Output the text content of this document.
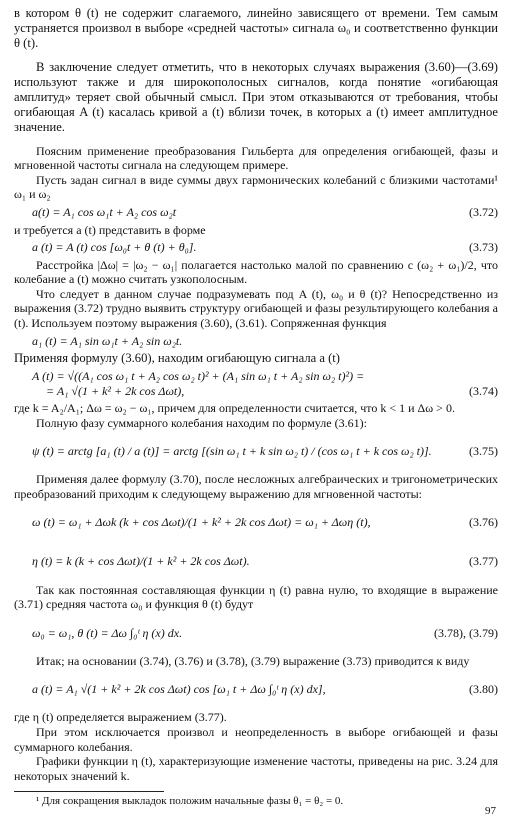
в котором θ (t) не содержит слагаемого, линейно зависящего от времени. Тем самым устраняется произвол в выборе «средней частоты» сигнала ω₀ и соответственно функции θ (t).

В заключение следует отметить, что в некоторых случаях выражения (3.60)—(3.69) используют также и для широкополосных сигналов, когда понятие «огибающая амплитуд» теряет свой обычный смысл. При этом отказываются от требования, чтобы огибающая A (t) касалась кривой a (t) вблизи точек, в которых a (t) имеет амплитудное значение.

Поясним применение преобразования Гильберта для определения огибающей, фазы и мгновенной частоты сигнала на следующем примере.

Пусть задан сигнал в виде суммы двух гармонических колебаний с близкими частотами¹ ω₁ и ω₂

a(t) = A₁ cos ω₁t + A₂ cos ω₂t	(3.72)

и требуется a (t) представить в форме

a (t) = A (t) cos [ω₀t + θ (t) + θ₀].	(3.73)

Расстройка |Δω| = |ω₂ − ω₁| полагается настолько малой по сравнению с (ω₂ + ω₁)/2, что колебание a (t) можно считать узкополосным.

Что следует в данном случае подразумевать под A (t), ω₀ и θ (t)? Непосредственно из выражения (3.72) трудно выявить структуру огибающей и фазы результирующего колебания a (t). Используем поэтому выражения (3.60), (3.61). Сопряженная функция

a₁ (t) = A₁ sin ω₁t + A₂ sin ω₂t.

Применяя формулу (3.60), находим огибающую сигнала a (t)

A (t) = √((A₁ cos ω₁ t + A₂ cos ω₂ t)² + (A₁ sin ω₁ t + A₂ sin ω₂ t)²) =
= A₁ √(1 + k² + 2k cos Δωt),	(3.74)

где k = A₂/A₁; Δω = ω₂ − ω₁, причем для определенности считается, что k < 1 и Δω > 0.

Полную фазу суммарного колебания находим по формуле (3.61):

ψ (t) = arctg [a₁ (t) / a (t)] = arctg [(sin ω₁ t + k sin ω₂ t) / (cos ω₁ t + k cos ω₂ t)].	(3.75)

Применяя далее формулу (3.70), после несложных алгебраических и тригонометрических преобразований приходим к следующему выражению для мгновенной частоты:

ω (t) = ω₁ + Δωk (k + cos Δωt)/(1 + k² + 2k cos Δωt) = ω₁ + Δωη (t),	(3.76)
η (t) = k (k + cos Δωt)/(1 + k² + 2k cos Δωt).	(3.77)

Так как постоянная составляющая функции η (t) равна нулю, то входящие в выражение (3.71) средняя частота ω₀ и функция θ (t) будут

ω₀ = ω₁, θ (t) = Δω ∫₀ᵗ η (x) dx.	(3.78), (3.79)

Итак; на основании (3.74), (3.76) и (3.78), (3.79) выражение (3.73) приводится к виду

a (t) = A₁ √(1 + k² + 2k cos Δωt) cos [ω₁ t + Δω ∫₀ᵗ η (x) dx],	(3.80)

где η (t) определяется выражением (3.77).

При этом исключается произвол и неопределенность в выборе огибающей и фазы суммарного колебания.

Графики функции η (t), характеризующие изменение частоты, приведены на рис. 3.24 для некоторых значений k.

¹ Для сокращения выкладок положим начальные фазы θ₁ = θ₂ = 0.

97
